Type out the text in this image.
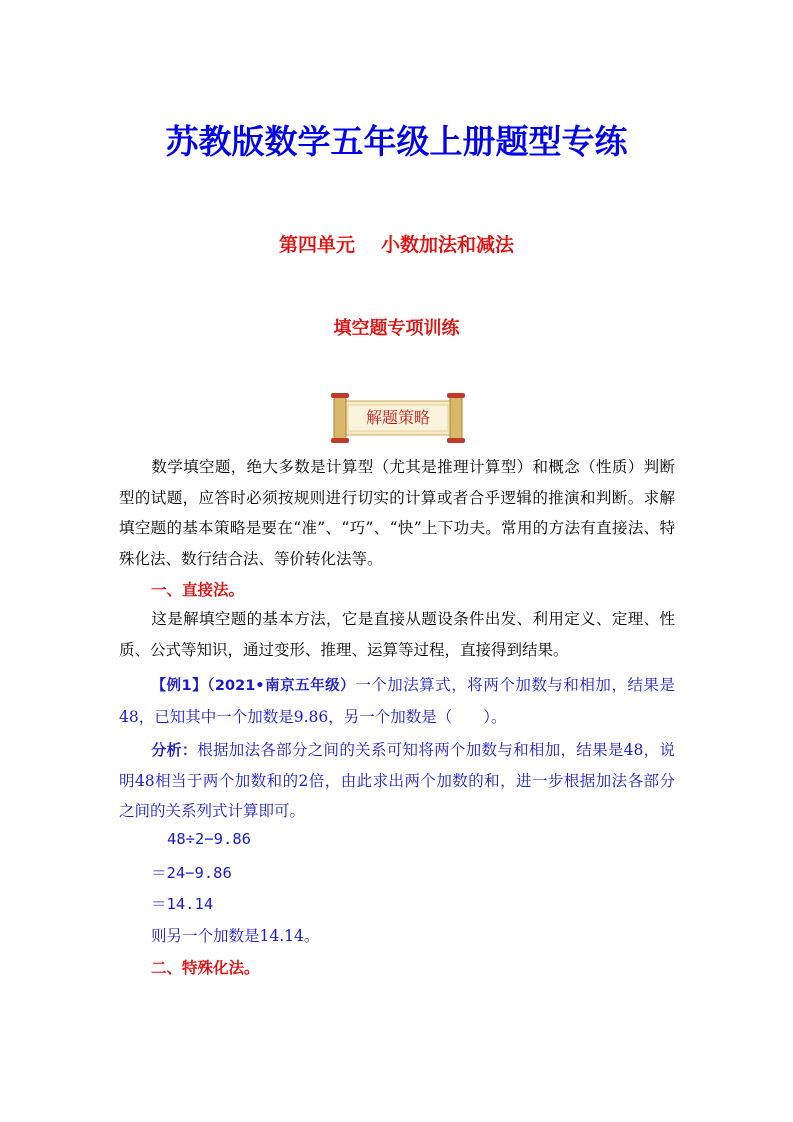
苏教版数学五年级上册题型专练
第四单元 小数加法和减法
填空题专项训练
解题策略
数学填空题，绝大多数是计算型（尤其是推理计算型）和概念（性质）判断型的试题，应答时必须按规则进行切实的计算或者合乎逻辑的推演和判断。求解填空题的基本策略是要在“准”、“巧”、“快”上下功夫。常用的方法有直接法、特殊化法、数行结合法、等价转化法等。
一、直接法。
这是解填空题的基本方法，它是直接从题设条件出发、利用定义、定理、性质、公式等知识，通过变形、推理、运算等过程，直接得到结果。
【例1】（2021•南京五年级）一个加法算式，将两个加数与和相加，结果是48，已知其中一个加数是9.86，另一个加数是（　　）。
分析：根据加法各部分之间的关系可知将两个加数与和相加，结果是48，说明48相当于两个加数和的2倍，由此求出两个加数的和，进一步根据加法各部分之间的关系列式计算即可。
48÷2−9.86
＝24−9.86
＝14.14
则另一个加数是14.14。
二、特殊化法。
